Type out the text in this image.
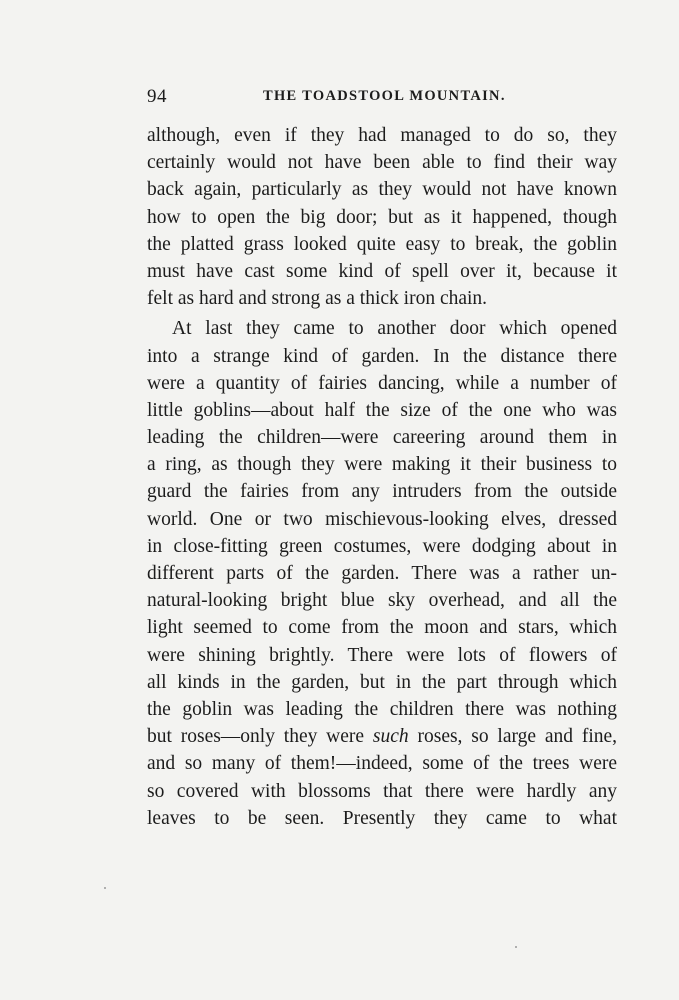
94	THE TOADSTOOL MOUNTAIN.
although, even if they had managed to do so, they
certainly would not have been able to find their way
back again, particularly as they would not have known
how to open the big door; but as it happened, though
the platted grass looked quite easy to break, the goblin
must have cast some kind of spell over it, because it
felt as hard and strong as a thick iron chain.
At last they came to another door which opened
into a strange kind of garden. In the distance there
were a quantity of fairies dancing, while a number of
little goblins—about half the size of the one who was
leading the children—were careering around them in
a ring, as though they were making it their business to
guard the fairies from any intruders from the outside
world. One or two mischievous-looking elves, dressed
in close-fitting green costumes, were dodging about in
different parts of the garden. There was a rather un-
natural-looking bright blue sky overhead, and all the
light seemed to come from the moon and stars, which
were shining brightly. There were lots of flowers of
all kinds in the garden, but in the part through which
the goblin was leading the children there was nothing
but roses—only they were such roses, so large and fine,
and so many of them!—indeed, some of the trees were
so covered with blossoms that there were hardly any
leaves to be seen. Presently they came to what
